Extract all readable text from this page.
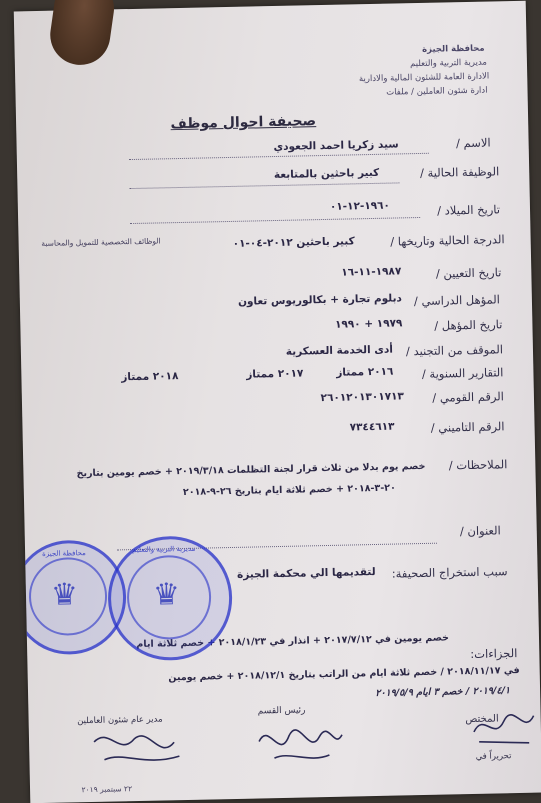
محافظة الجيزة
مديرية التربية والتعليم
الادارة العامة للشئون المالية والادارية
ادارة شئون العاملين / ملفات
صحيفة احوال موظف
الاسم /
سيد زكريا احمد الجعودي
الوظيفة الحالية /
كبير باحثين بالمتابعة
تاريخ الميلاد /
١٩٦٠-١٢-٠١
الدرجة الحالية وتاريخها /
كبير باحثين ٢٠١٢-٠٤-٠١
الوظائف التخصصية للتمويل والمحاسبة
تاريخ التعيين /
١٩٨٧-١١-١٦
المؤهل الدراسي /
دبلوم تجارة + بكالوريوس تعاون
تاريخ المؤهل /
١٩٧٩ + ١٩٩٠
الموقف من التجنيد /
أدى الخدمة العسكرية
التقارير السنوية /
٢٠١٦ ممتاز
٢٠١٧ ممتاز
٢٠١٨ ممتاز
الرقم القومي /
٢٦٠١٢٠١٣٠١٧١٣
الرقم التاميني /
٧٣٤٤٦١٣
الملاحظات /
خصم يوم بدلا من ثلاث قرار لجنة التظلمات ٢٠١٩/٣/١٨ + خصم يومين بتاريخ
٢٠-٣-٢٠١٨ + خصم ثلاثة ايام بتاريخ ٢٦-٩-٢٠١٨
العنوان /
سبب استخراج الصحيفة:
لتقديمها الي محكمة الجيزة
الجزاءات:
خصم يومين في ٢٠١٧/٧/١٢ + انذار في ٢٠١٨/١/٢٣ + خصم ثلاثة ايام
في ٢٠١٨/١١/١٧ / خصم ثلاثة ايام من الراتب بتاريخ ٢٠١٨/١٢/١ + خصم يومين
٢٠١٩/٤/١ / خصم ٣ ايام ٢٠١٩/٥/٩
المختص
رئيس القسم
مدير عام شئون العاملين
تحريراً في
٢٢ سبتمبر ٢٠١٩
♛
محافظة الجيزة
♛
مديرية التربية والتعليم
